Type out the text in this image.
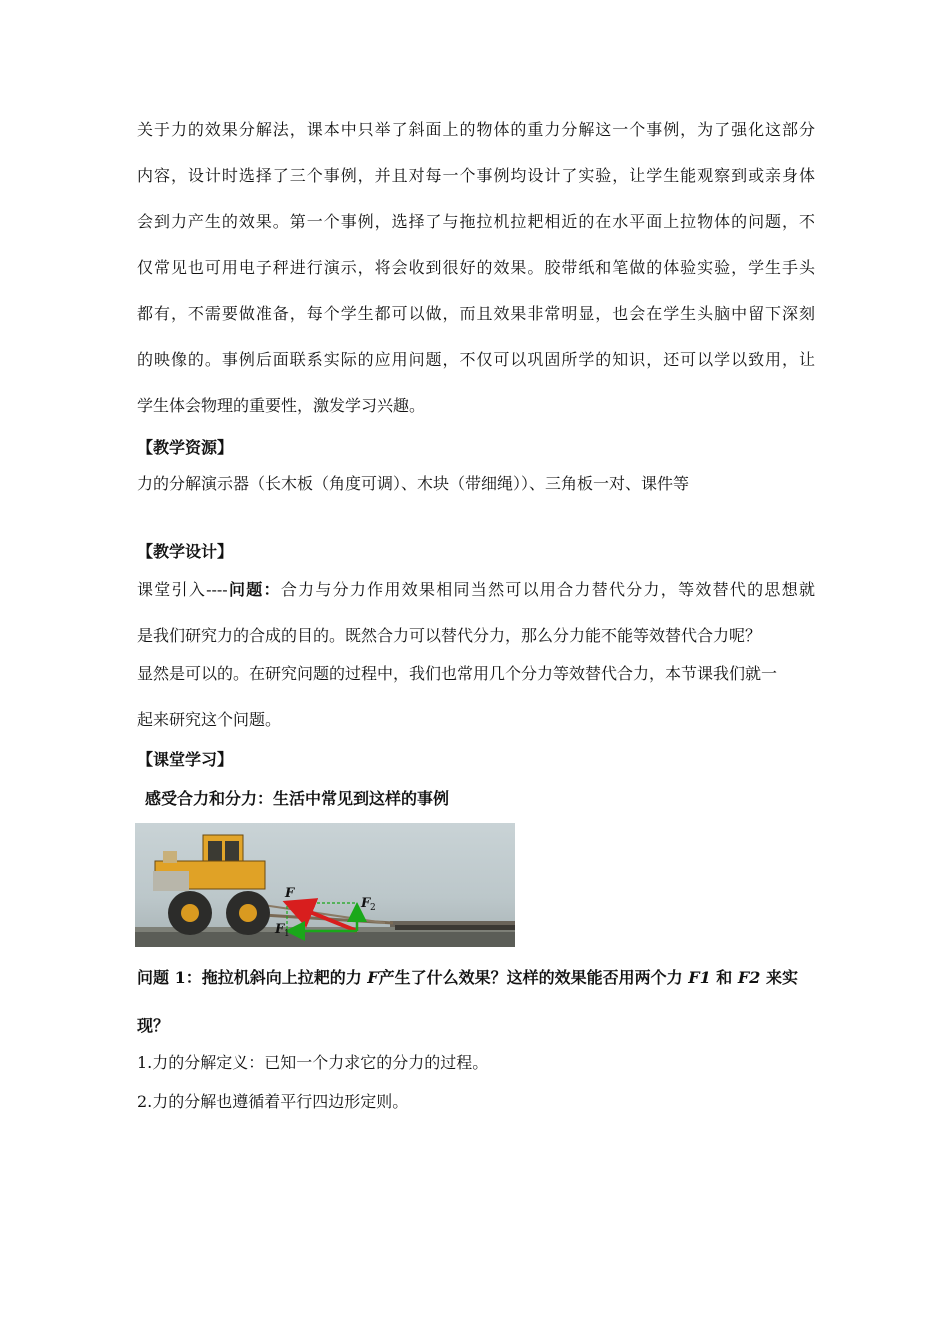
关于力的效果分解法，课本中只举了斜面上的物体的重力分解这一个事例，为了强化这部分
内容，设计时选择了三个事例，并且对每一个事例均设计了实验，让学生能观察到或亲身体
会到力产生的效果。第一个事例，选择了与拖拉机拉耙相近的在水平面上拉物体的问题，不
仅常见也可用电子秤进行演示，将会收到很好的效果。胶带纸和笔做的体验实验，学生手头
都有，不需要做准备，每个学生都可以做，而且效果非常明显，也会在学生头脑中留下深刻
的映像的。事例后面联系实际的应用问题，不仅可以巩固所学的知识，还可以学以致用，让
学生体会物理的重要性，激发学习兴趣。
【教学资源】
力的分解演示器（长木板（角度可调）、木块（带细绳））、三角板一对、课件等
【教学设计】
课堂引入----问题：合力与分力作用效果相同当然可以用合力替代分力，等效替代的思想就
是我们研究力的合成的目的。既然合力可以替代分力，那么分力能不能等效替代合力呢？
显然是可以的。在研究问题的过程中，我们也常用几个分力等效替代合力，本节课我们就一
起来研究这个问题。
【课堂学习】
感受合力和分力：生活中常见到这样的事例
F
F 2
F 1
问题 1：拖拉机斜向上拉耙的力 F产生了什么效果？这样的效果能否用两个力 F1 和 F2 来实
现？
1.力的分解定义：已知一个力求它的分力的过程。
2.力的分解也遵循着平行四边形定则。
